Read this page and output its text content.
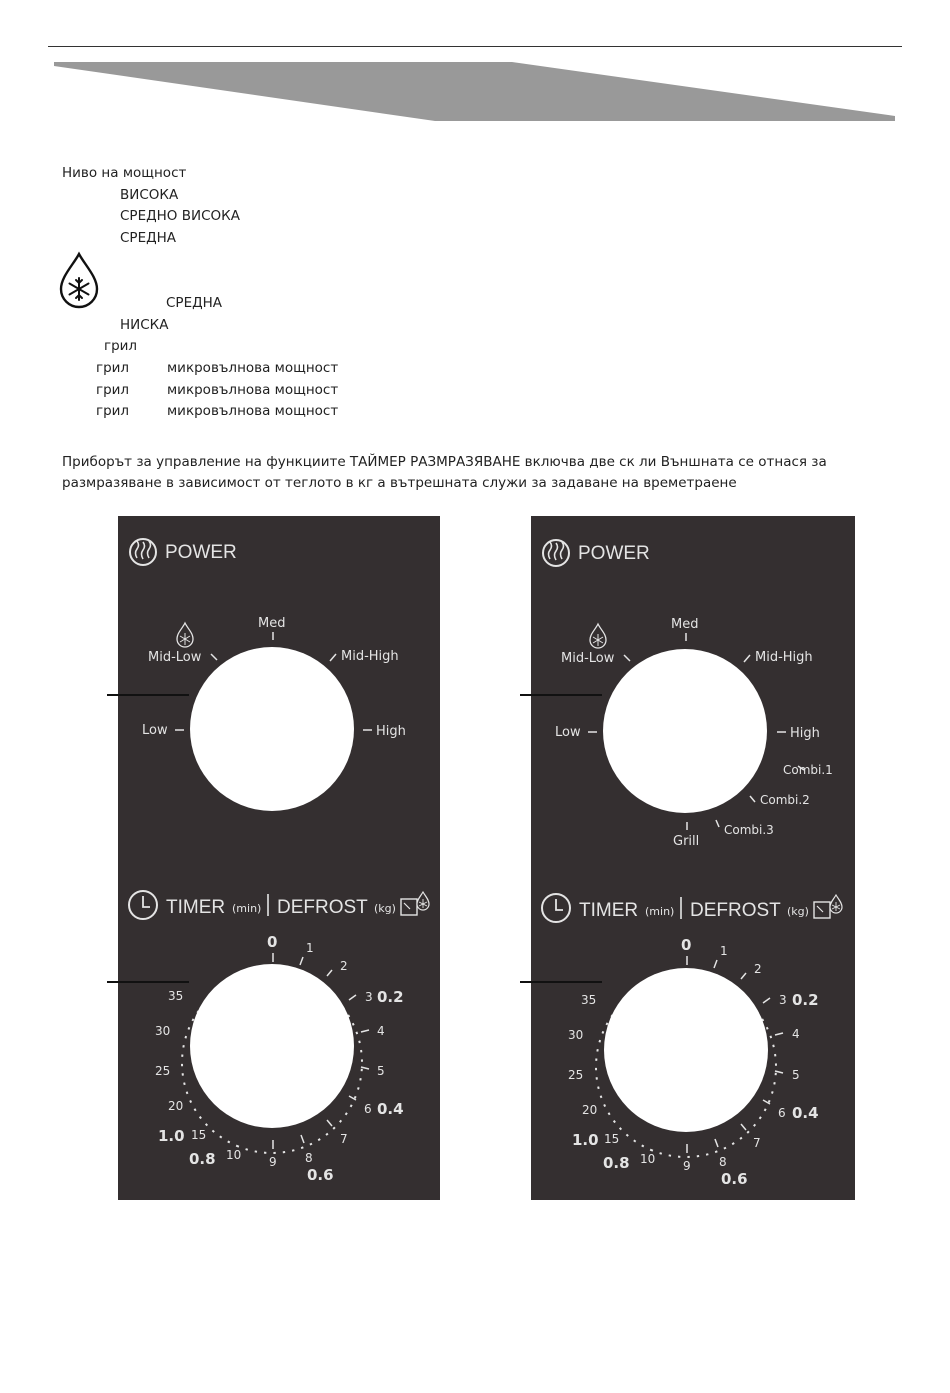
Ниво на мощност
ВИСОКА
СРЕДНО ВИСОКА
СРЕДНА
СРЕДНА
НИСКА
грил
грил	микровълнова мощност
грил	микровълнова мощност
грил	микровълнова мощност
Приборът за управление на функциите ТАЙМЕР РАЗМРАЗЯВАНЕ включва две ск ли Външната се отнася за
размразяване в зависимост от теглото в кг а вътрешната служи за задаване на времетраене
POWER
Mid-Low
Med
Mid-High
Low	High
TIMER (min) DEFROST (kg)
0 1
2
3
4
5
6
7
8
9
10
15
20
25
30
35	0.2
0.4
0.6
0.8
1.0
POWER
Mid-Low
Med
Mid-High
Low	High
Combi.1
Combi.2
Combi.3
Grill
TIMER (min) DEFROST (kg)
0 1
2
3
4
5
6
7
8
9
10
15
20
25
30
35	0.2
0.4
0.6
0.8
1.0
